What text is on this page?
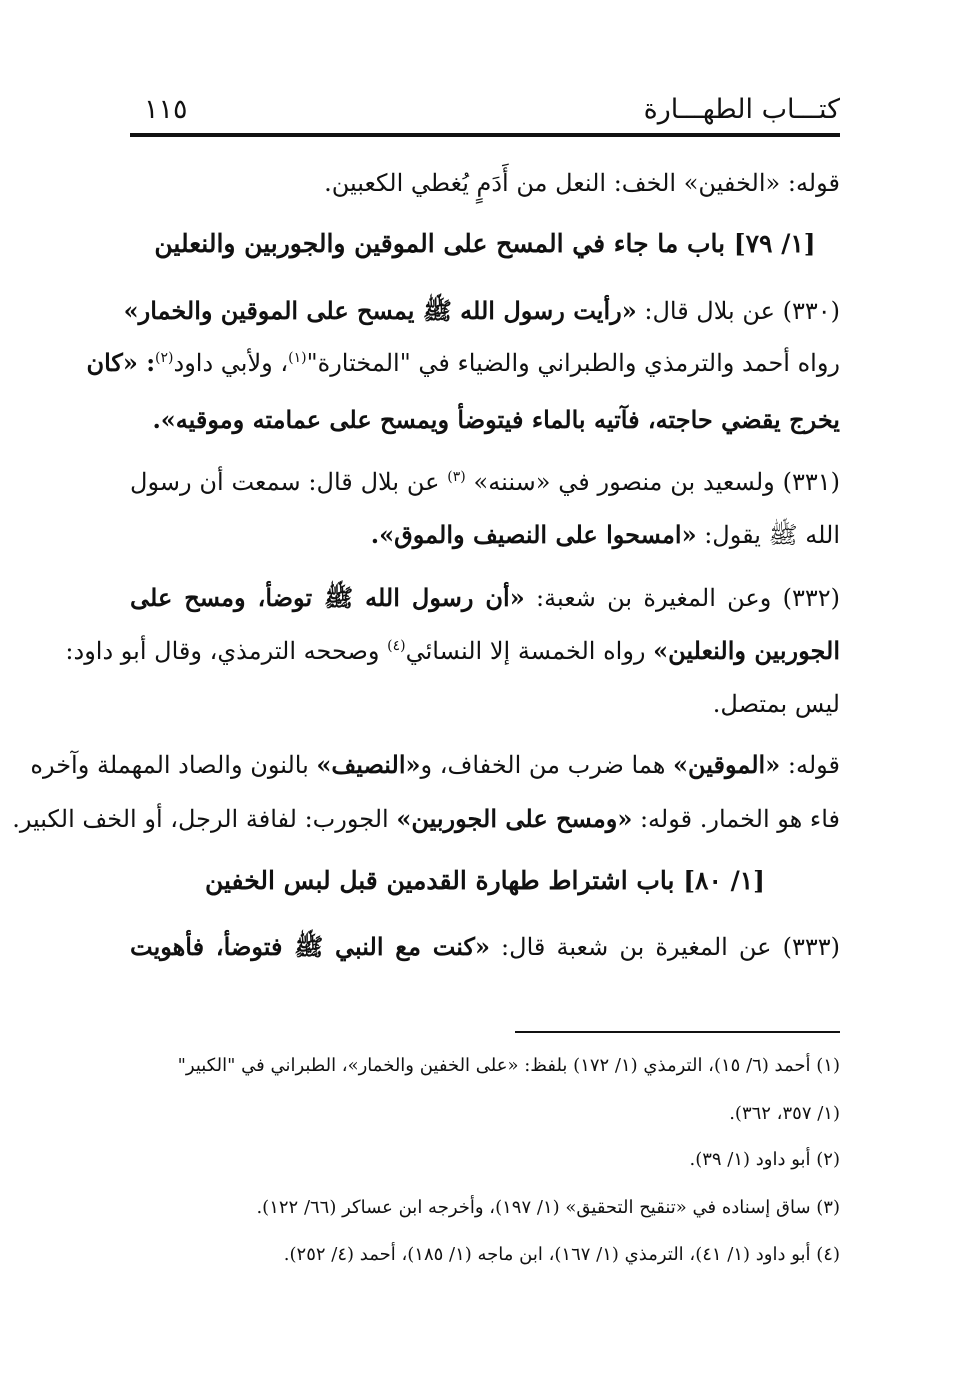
كتـــاب الطهـــارة
١١٥
قوله: «الخفين» الخف: النعل من أَدَمٍ يُغطي الكعبين.
[١/ ٧٩] باب ما جاء في المسح على الموقين والجوربين والنعلين
(٣٣٠) عن بلال قال: «رأيت رسول الله ﷺ يمسح على الموقين والخمار»
رواه أحمد والترمذي والطبراني والضياء في "المختارة"$^{(١)}$، ولأبي داود$^{(٢)}$: «كان
يخرج يقضي حاجته، فآتيه بالماء فيتوضأ ويمسح على عمامته وموقيه».
(٣٣١) ولسعيد بن منصور في «سننه» $^{(٣)}$ عن بلال قال: سمعت أن رسول
الله ﷺ يقول: «امسحوا على النصيف والموق».
(٣٣٢) وعن المغيرة بن شعبة: «أن رسول الله ﷺ توضأ، ومسح على
الجوربين والنعلين» رواه الخمسة إلا النسائي$^{(٤)}$ وصححه الترمذي، وقال أبو داود:
ليس بمتصل.
قوله: «الموقين» هما ضرب من الخفاف، و«النصيف» بالنون والصاد المهملة وآخره
فاء هو الخمار. قوله: «ومسح على الجوربين» الجورب: لفافة الرجل، أو الخف الكبير.
[١/ ٨٠] باب اشتراط طهارة القدمين قبل لبس الخفين
(٣٣٣) عن المغيرة بن شعبة قال: «كنت مع النبي ﷺ فتوضأ، فأهويت
(١) أحمد (٦/ ١٥)، الترمذي (١/ ١٧٢) بلفظ: «على الخفين والخمار»، الطبراني في "الكبير"
(١/ ٣٥٧، ٣٦٢).
(٢) أبو داود (١/ ٣٩).
(٣) ساق إسناده في «تنقيح التحقيق» (١/ ١٩٧)، وأخرجه ابن عساكر (٦٦/ ١٢٢).
(٤) أبو داود (١/ ٤١)، الترمذي (١/ ١٦٧)، ابن ماجه (١/ ١٨٥)، أحمد (٤/ ٢٥٢).
